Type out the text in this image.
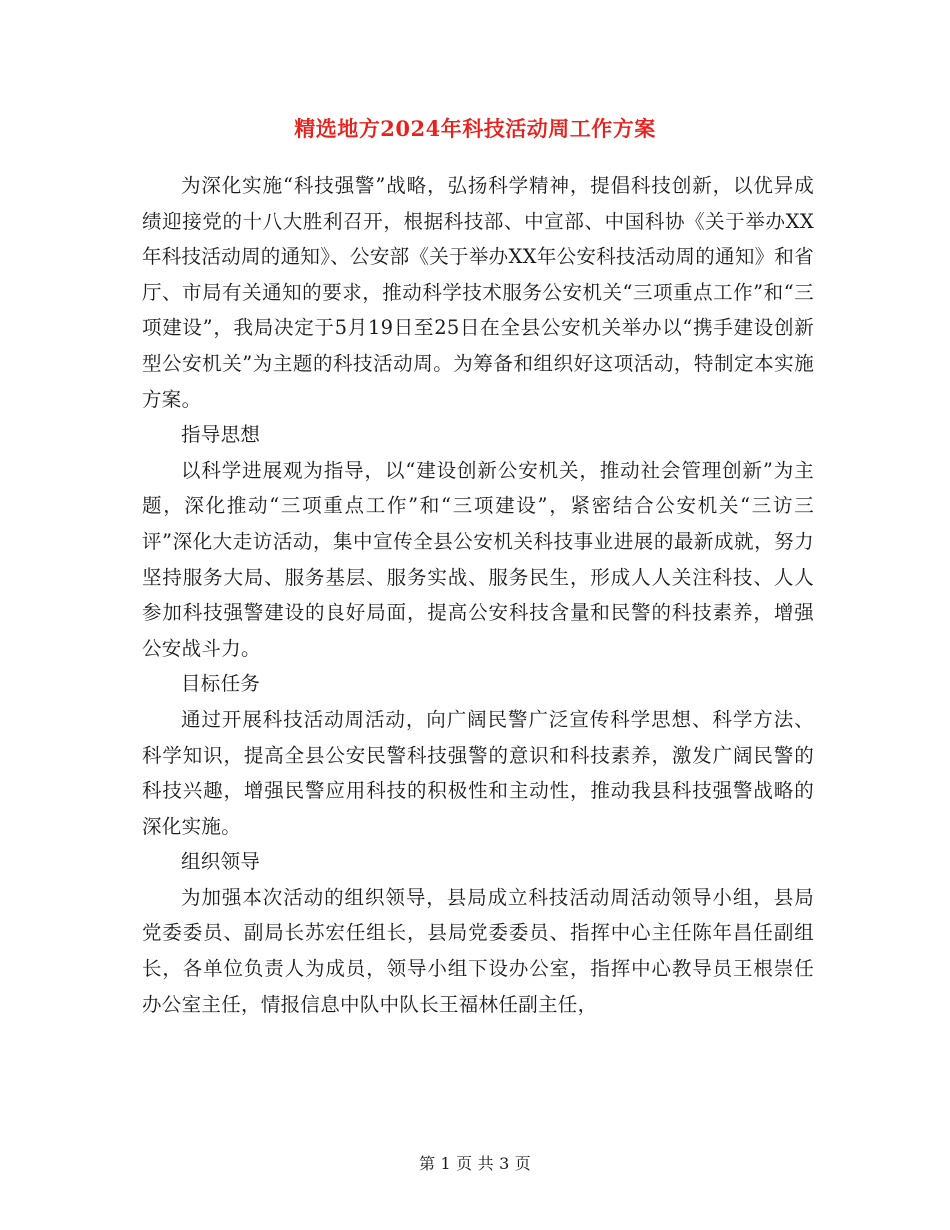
精选地方2024年科技活动周工作方案

为深化实施“科技强警”战略，弘扬科学精神，提倡科技创新，以优异成绩迎接党的十八大胜利召开，根据科技部、中宣部、中国科协《关于举办XX年科技活动周的通知》、公安部《关于举办XX年公安科技活动周的通知》和省厅、市局有关通知的要求，推动科学技术服务公安机关“三项重点工作”和“三项建设”，我局决定于5月19日至25日在全县公安机关举办以“携手建设创新型公安机关”为主题的科技活动周。为筹备和组织好这项活动，特制定本实施方案。

指导思想

以科学进展观为指导，以“建设创新公安机关，推动社会管理创新”为主题，深化推动“三项重点工作”和“三项建设”，紧密结合公安机关“三访三评”深化大走访活动，集中宣传全县公安机关科技事业进展的最新成就，努力坚持服务大局、服务基层、服务实战、服务民生，形成人人关注科技、人人参加科技强警建设的良好局面，提高公安科技含量和民警的科技素养，增强公安战斗力。

目标任务

通过开展科技活动周活动，向广阔民警广泛宣传科学思想、科学方法、科学知识，提高全县公安民警科技强警的意识和科技素养，激发广阔民警的科技兴趣，增强民警应用科技的积极性和主动性，推动我县科技强警战略的深化实施。

组织领导

为加强本次活动的组织领导，县局成立科技活动周活动领导小组，县局党委委员、副局长苏宏任组长，县局党委委员、指挥中心主任陈年昌任副组长，各单位负责人为成员，领导小组下设办公室，指挥中心教导员王根崇任办公室主任，情报信息中队中队长王福林任副主任，

第 1 页 共 3 页
